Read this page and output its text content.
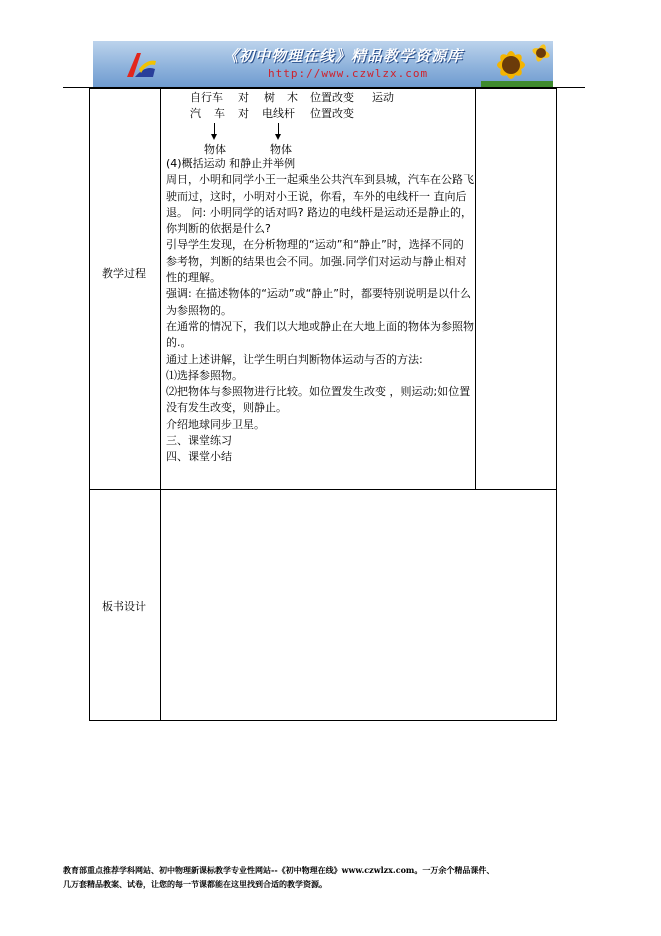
《初中物理在线》精品教学资源库
http://www.czwlzx.com
教学过程
板书设计
自行车 对 树 木 位置改变 运动
汽 车 对 电线杆 位置改变
物体	物体

(4)概括运动 和静止并举例

周日，小明和同学小王一起乘坐公共汽车到县城，汽车在公路飞驶而过，这时，小明对小王说，你看，车外的电线杆一 直向后退。 问: 小明同学的话对吗? 路边的电线杆是运动还是静止的，你判断的依据是什么?

引导学生发现，在分析物理的“运动”和“静止”时，选择不同的参考物，判断的结果也会不同。加强.同学们对运动与静止相对性的理解。

强调: 在描述物体的“运动”或“静止”时，都要特别说明是以什么为参照物的。

在通常的情况下，我们以大地或静止在大地上面的物体为参照物的.。

通过上述讲解，让学生明白判断物体运动与否的方法:

⑴选择参照物。

⑵把物体与参照物进行比较。如位置发生改变 ，则运动;如位置没有发生改变，则静止。

介绍地球同步卫星。

三、课堂练习

四、课堂小结

教育部重点推荐学科网站、初中物理新课标教学专业性网站--《初中物理在线》www.czwlzx.com。一万余个精品课件、

几万套精品教案、试卷，让您的每一节课都能在这里找到合适的教学资源。
